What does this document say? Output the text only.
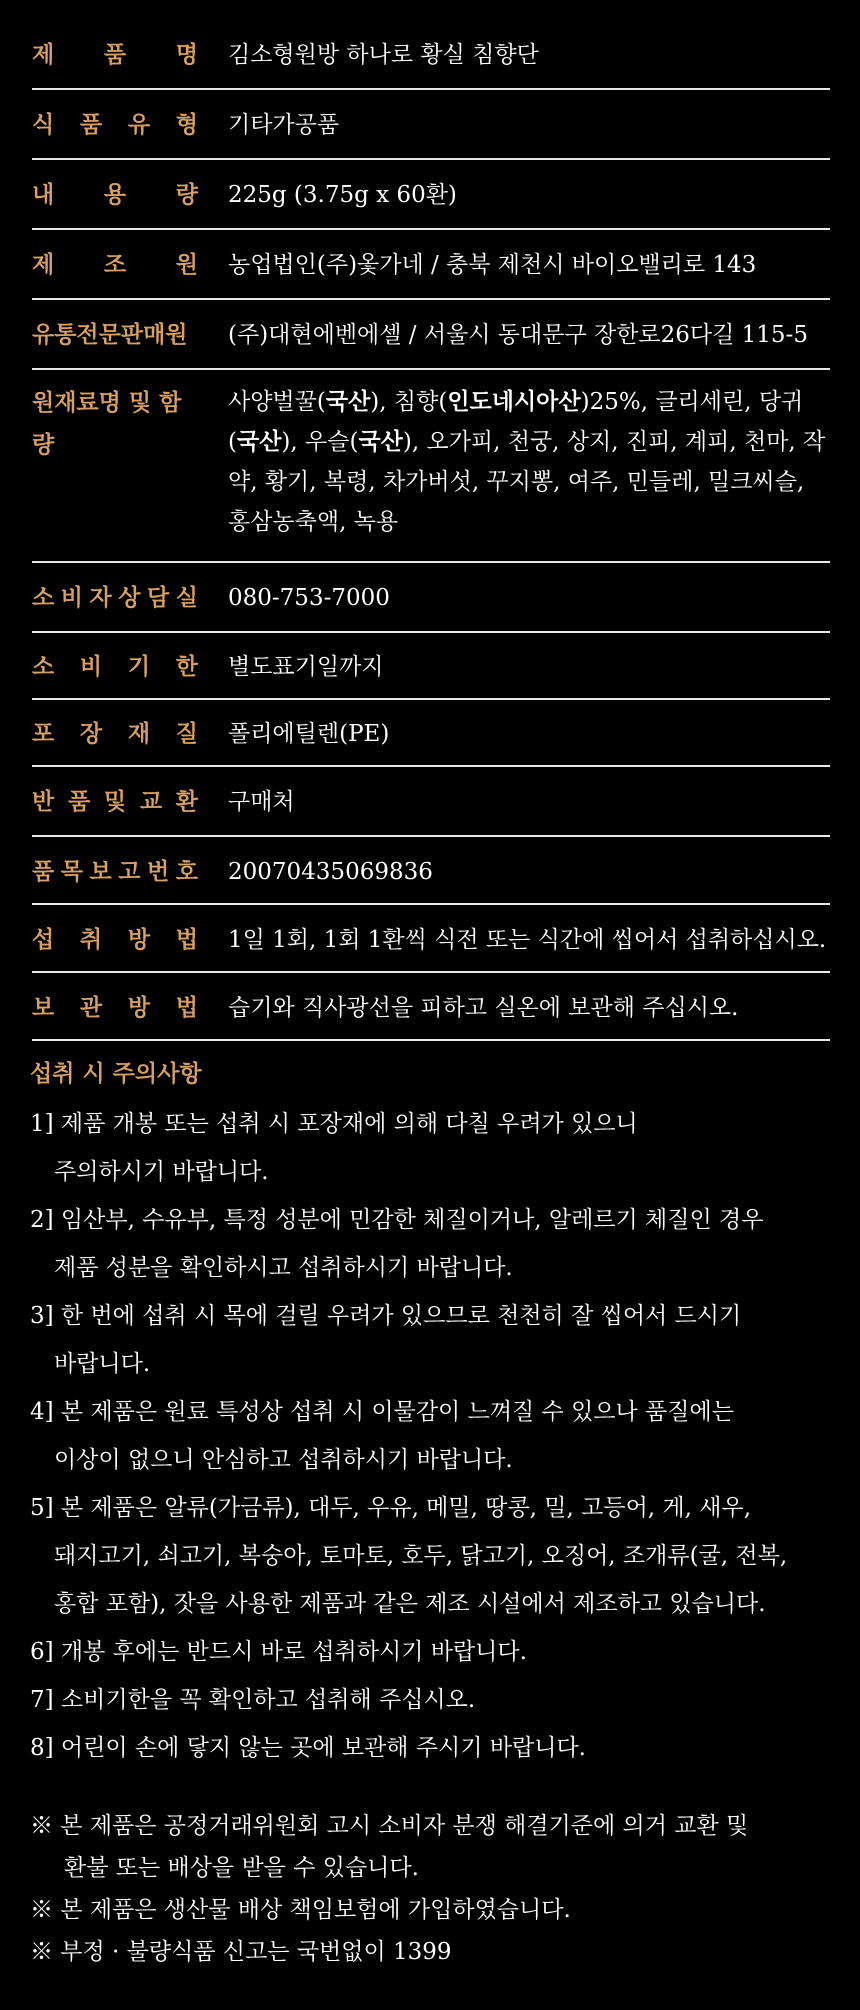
제 품 명 김소형원방 하나로 황실 침향단
식 품 유 형 기타가공품
내 용 량 225g (3.75g x 60환)
제 조 원 농업법인(주)옻가네 / 충북 제천시 바이오밸리로 143
유통전문판매원 (주)대현에벤에셀 / 서울시 동대문구 장한로26다길 115-5
원재료명 및 함량
사양벌꿀(국산), 침향(인도네시아산)25%, 글리세린, 당귀(국산), 우슬(국산), 오가피, 천궁, 상지, 진피, 계피, 천마, 작약, 황기, 복령, 차가버섯, 꾸지뽕, 여주, 민들레, 밀크씨슬, 홍삼농축액, 녹용
소 비 자 상 담 실 080-753-7000
소 비 기 한 별도표기일까지
포 장 재 질 폴리에틸렌(PE)
반 품 및 교 환 구매처
품 목 보 고 번 호 20070435069836
섭 취 방 법 1일 1회, 1회 1환씩 식전 또는 식간에 씹어서 섭취하십시오.
보 관 방 법 습기와 직사광선을 피하고 실온에 보관해 주십시오.
섭취 시 주의사항
1] 제품 개봉 또는 섭취 시 포장재에 의해 다칠 우려가 있으니
주의하시기 바랍니다.
2] 임산부, 수유부, 특정 성분에 민감한 체질이거나, 알레르기 체질인 경우
제품 성분을 확인하시고 섭취하시기 바랍니다.
3] 한 번에 섭취 시 목에 걸릴 우려가 있으므로 천천히 잘 씹어서 드시기
바랍니다.
4] 본 제품은 원료 특성상 섭취 시 이물감이 느껴질 수 있으나 품질에는
이상이 없으니 안심하고 섭취하시기 바랍니다.
5] 본 제품은 알류(가금류), 대두, 우유, 메밀, 땅콩, 밀, 고등어, 게, 새우,
돼지고기, 쇠고기, 복숭아, 토마토, 호두, 닭고기, 오징어, 조개류(굴, 전복,
홍합 포함), 잣을 사용한 제품과 같은 제조 시설에서 제조하고 있습니다.
6] 개봉 후에는 반드시 바로 섭취하시기 바랍니다.
7] 소비기한을 꼭 확인하고 섭취해 주십시오.
8] 어린이 손에 닿지 않는 곳에 보관해 주시기 바랍니다.
※ 본 제품은 공정거래위원회 고시 소비자 분쟁 해결기준에 의거 교환 및
환불 또는 배상을 받을 수 있습니다.
※ 본 제품은 생산물 배상 책임보험에 가입하였습니다.
※ 부정 · 불량식품 신고는 국번없이 1399
